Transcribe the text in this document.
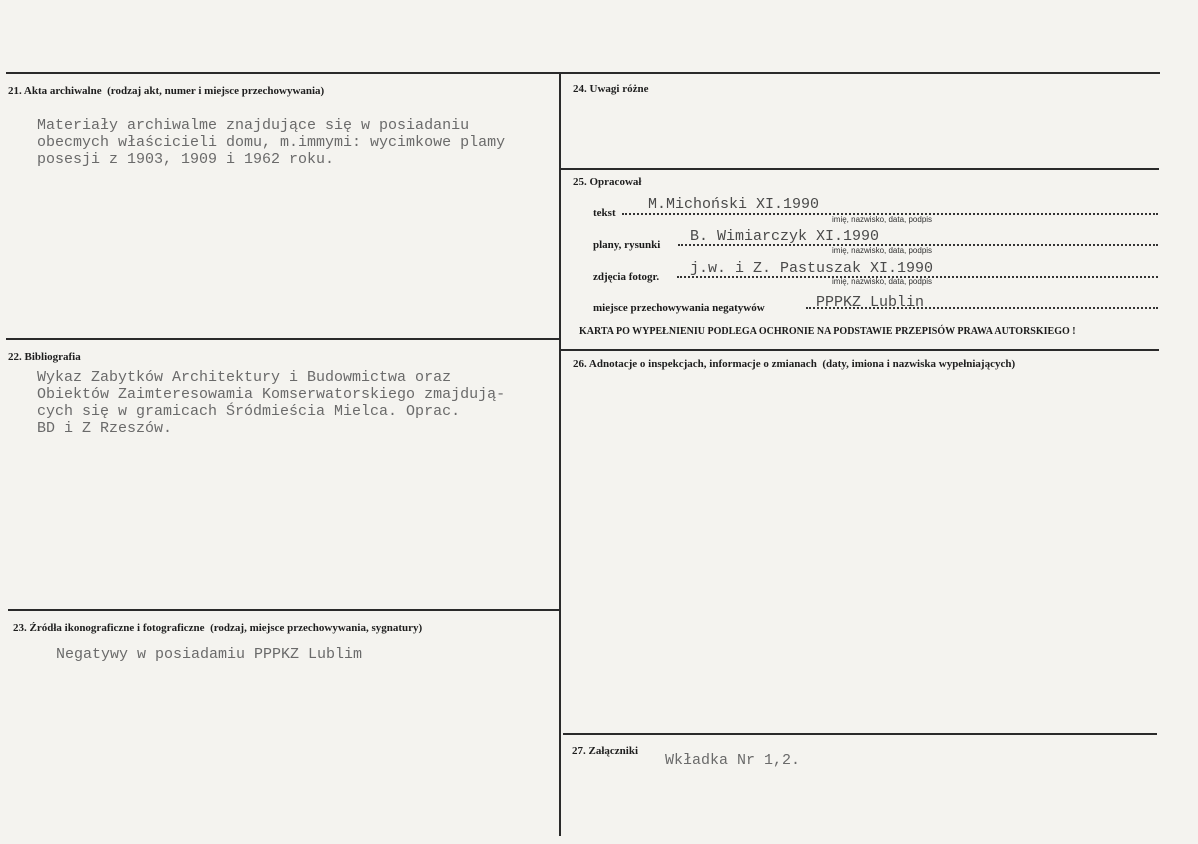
21. Akta archiwalne (rodzaj akt, numer i miejsce przechowywania)
Materiały archiwalme znajdujące się w posiadaniu
obecmych właścicieli domu, m.immymi: wycimkowe plamy
posesji z 1903, 1909 i 1962 roku.
22. Bibliografia
Wykaz Zabytków Architektury i Budowmictwa oraz
Obiektów Zaimteresowamia Komserwatorskiego zmajdują-
cych się w gramicach Śródmieścia Mielca. Oprac.
BD i Z Rzeszów.
23. Źródła ikonograficzne i fotograficzne (rodzaj, miejsce przechowywania, sygnatury)
Negatywy w posiadamiu PPPKZ Lublim
24. Uwagi różne
25. Opracował
tekst M.Michoński XI.1990
imię, nazwisko, data, podpis
plany, rysunki B. Wimiarczyk XI.1990
imię, nazwisko, data, podpis
zdjęcia fotogr. j.w. i Z. Pastuszak XI.1990
imię, nazwisko, data, podpis
miejsce przechowywania negatywów	PPPKZ Lublin
KARTA PO WYPEŁNIENIU PODLEGA OCHRONIE NA PODSTAWIE PRZEPISÓW PRAWA AUTORSKIEGO !
26. Adnotacje o inspekcjach, informacje o zmianach (daty, imiona i nazwiska wypełniających)
27. Załączniki
Wkładka Nr 1,2.
